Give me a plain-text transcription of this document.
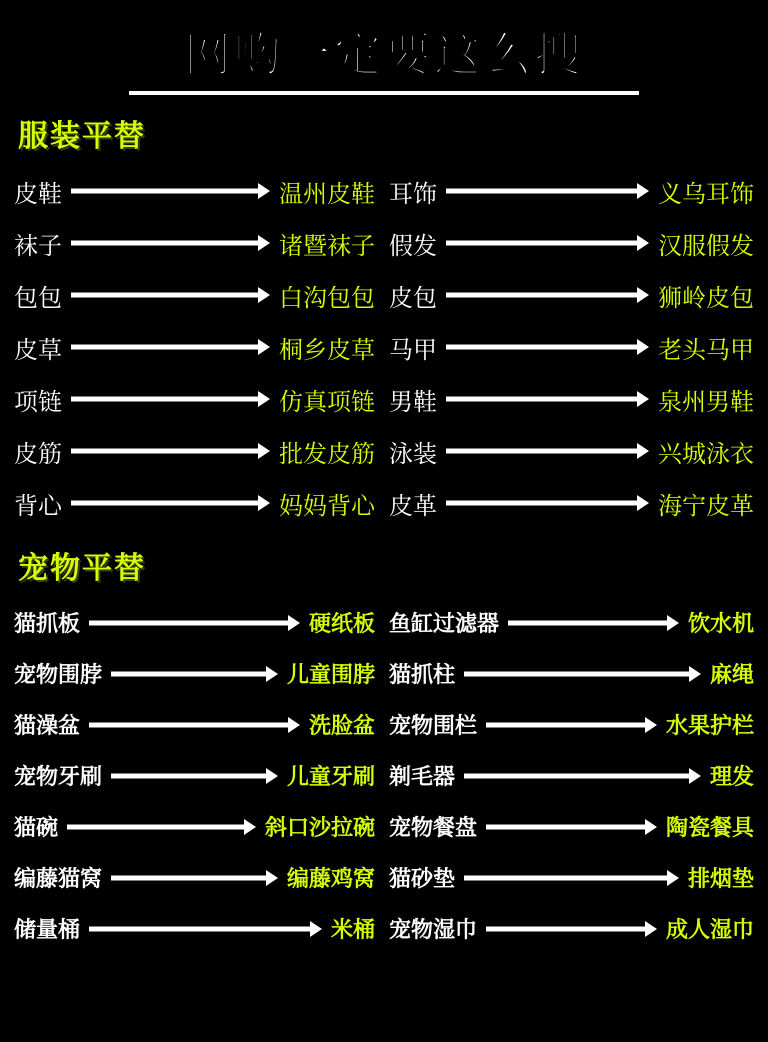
网购一定要这么搜
服装平替
皮鞋	温州皮鞋
袜子	诸暨袜子
包包	白沟包包
皮草	桐乡皮草
项链	仿真项链
皮筋	批发皮筋
背心	妈妈背心
耳饰	义乌耳饰
假发	汉服假发
皮包	狮岭皮包
马甲	老头马甲
男鞋	泉州男鞋
泳装	兴城泳衣
皮革	海宁皮革
宠物平替
猫抓板	硬纸板
宠物围脖	儿童围脖
猫澡盆	洗脸盆
宠物牙刷	儿童牙刷
猫碗	斜口沙拉碗
编藤猫窝	编藤鸡窝
储量桶	米桶
鱼缸过滤器	饮水机
猫抓柱	麻绳
宠物围栏	水果护栏
剃毛器	理发
宠物餐盘	陶瓷餐具
猫砂垫	排烟垫
宠物湿巾	成人湿巾
